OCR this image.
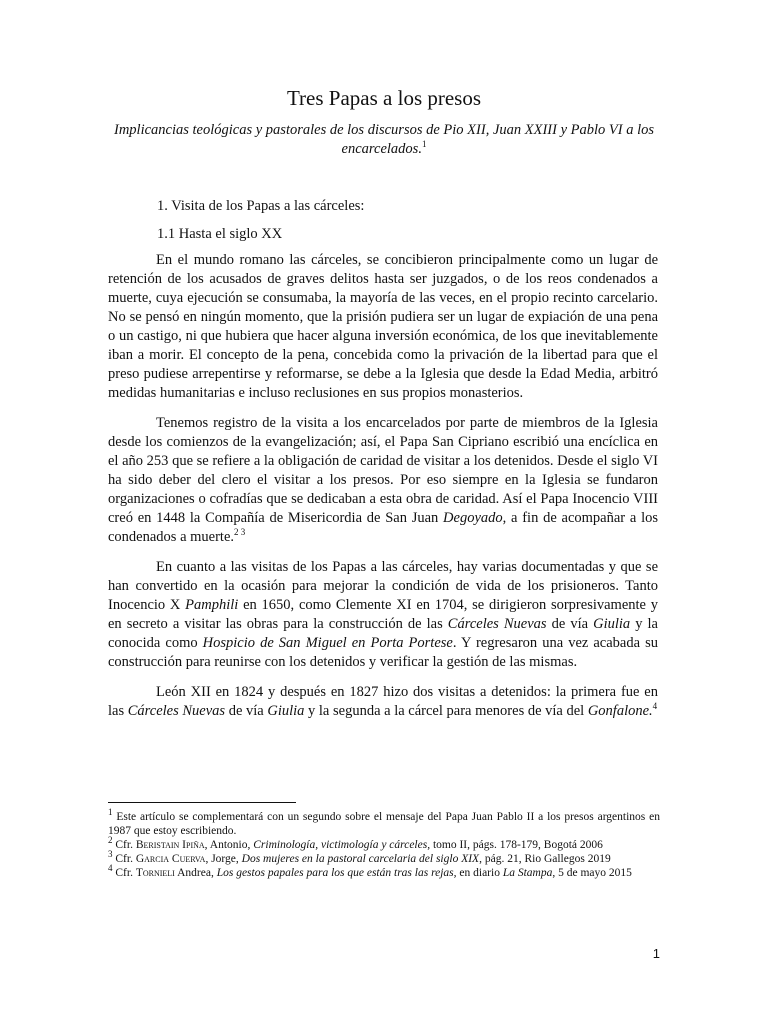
Tres Papas a los presos

Implicancias teológicas y pastorales de los discursos de Pio XII, Juan XXIII y Pablo VI a los encarcelados.$^1$

1. Visita de los Papas a las cárceles:

1.1 Hasta el siglo XX

En el mundo romano las cárceles, se concibieron principalmente como un lugar de retención de los acusados de graves delitos hasta ser juzgados, o de los reos condenados a muerte, cuya ejecución se consumaba, la mayoría de las veces, en el propio recinto carcelario. No se pensó en ningún momento, que la prisión pudiera ser un lugar de expiación de una pena o un castigo, ni que hubiera que hacer alguna inversión económica, de los que inevitablemente iban a morir. El concepto de la pena, concebida como la privación de la libertad para que el preso pudiese arrepentirse y reformarse, se debe a la Iglesia que desde la Edad Media, arbitró medidas humanitarias e incluso reclusiones en sus propios monasterios.

Tenemos registro de la visita a los encarcelados por parte de miembros de la Iglesia desde los comienzos de la evangelización; así, el Papa San Cipriano escribió una encíclica en el año 253 que se refiere a la obligación de caridad de visitar a los detenidos. Desde el siglo VI ha sido deber del clero el visitar a los presos. Por eso siempre en la Iglesia se fundaron organizaciones o cofradías que se dedicaban a esta obra de caridad. Así el Papa Inocencio VIII creó en 1448 la Compañía de Misericordia de San Juan Degoyado, a fin de acompañar a los condenados a muerte.$^{2 3}$

En cuanto a las visitas de los Papas a las cárceles, hay varias documentadas y que se han convertido en la ocasión para mejorar la condición de vida de los prisioneros. Tanto Inocencio X Pamphili en 1650, como Clemente XI en 1704, se dirigieron sorpresivamente y en secreto a visitar las obras para la construcción de las Cárceles Nuevas de vía Giulia y la conocida como Hospicio de San Miguel en Porta Portese. Y regresaron una vez acabada su construcción para reunirse con los detenidos y verificar la gestión de las mismas.

León XII en 1824 y después en 1827 hizo dos visitas a detenidos: la primera fue en las Cárceles Nuevas de vía Giulia y la segunda a la cárcel para menores de vía del Gonfalone.$^4$

$^1$ Este artículo se complementará con un segundo sobre el mensaje del Papa Juan Pablo II a los presos argentinos en 1987 que estoy escribiendo.

$^2$ Cfr. Beristain Ipiña, Antonio, Criminología, victimología y cárceles, tomo II, págs. 178-179, Bogotá 2006

$^3$ Cfr. Garcia Cuerva, Jorge, Dos mujeres en la pastoral carcelaria del siglo XIX, pág. 21, Rio Gallegos 2019

$^4$ Cfr. Tornieli Andrea, Los gestos papales para los que están tras las rejas, en diario La Stampa, 5 de mayo 2015

1
